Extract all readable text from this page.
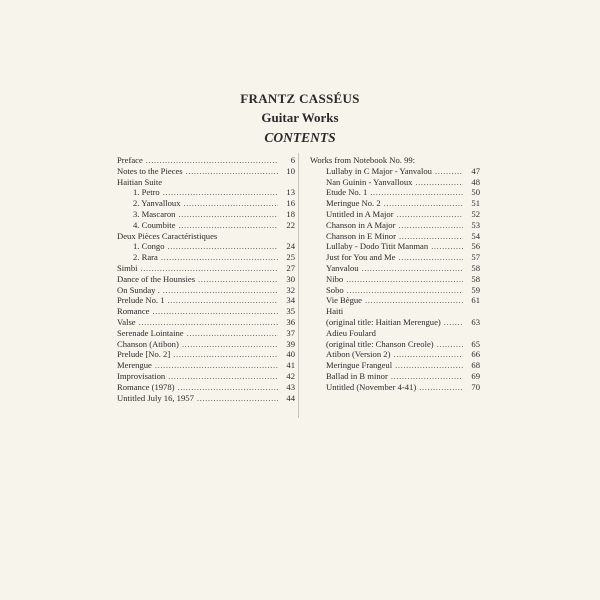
FRANTZ CASSÉUS
Guitar Works
CONTENTS
Preface .....	6
Notes to the Pieces .....	10
Haitian Suite
1. Petro .....	13
2. Yanvalloux .....	16
3. Mascaron .....	18
4. Coumbite .....	22
Deux Pièces Caractéristiques
1. Congo .....	24
2. Rara .....	25
Simbi .....	27
Dance of the Hounsies .....	30
On Sunday . .....	32
Prelude No. 1 .....	34
Romance .....	35
Valse .....	36
Serenade Lointaine .....	37
Chanson (Atibon) .....	39
Prelude [No. 2] .....	40
Merengue .....	41
Improvisation .....	42
Romance (1978) .....	43
Untitled July 16, 1957 .....	44
Works from Notebook No. 99:
Lullaby in C Major - Yanvalou .....	47
Nan Guinin - Yanvalloux .....	48
Etude No. 1 .....	50
Meringue No. 2 .....	51
Untitled in A Major .....	52
Chanson in A Major .....	53
Chanson in E Minor .....	54
Lullaby - Dodo Titit Manman .....	56
Just for You and Me .....	57
Yanvalou .....	58
Nibo .....	58
Sobo .....	59
Vie Bègue .....	61
Haiti
(original title: Haitian Merengue) .....	63
Adieu Foulard
(original title: Chanson Creole) .....	65
Atibon (Version 2) .....	66
Meringue Frangeul .....	68
Ballad in B minor .....	69
Untitled (November 4-41) .....	70
